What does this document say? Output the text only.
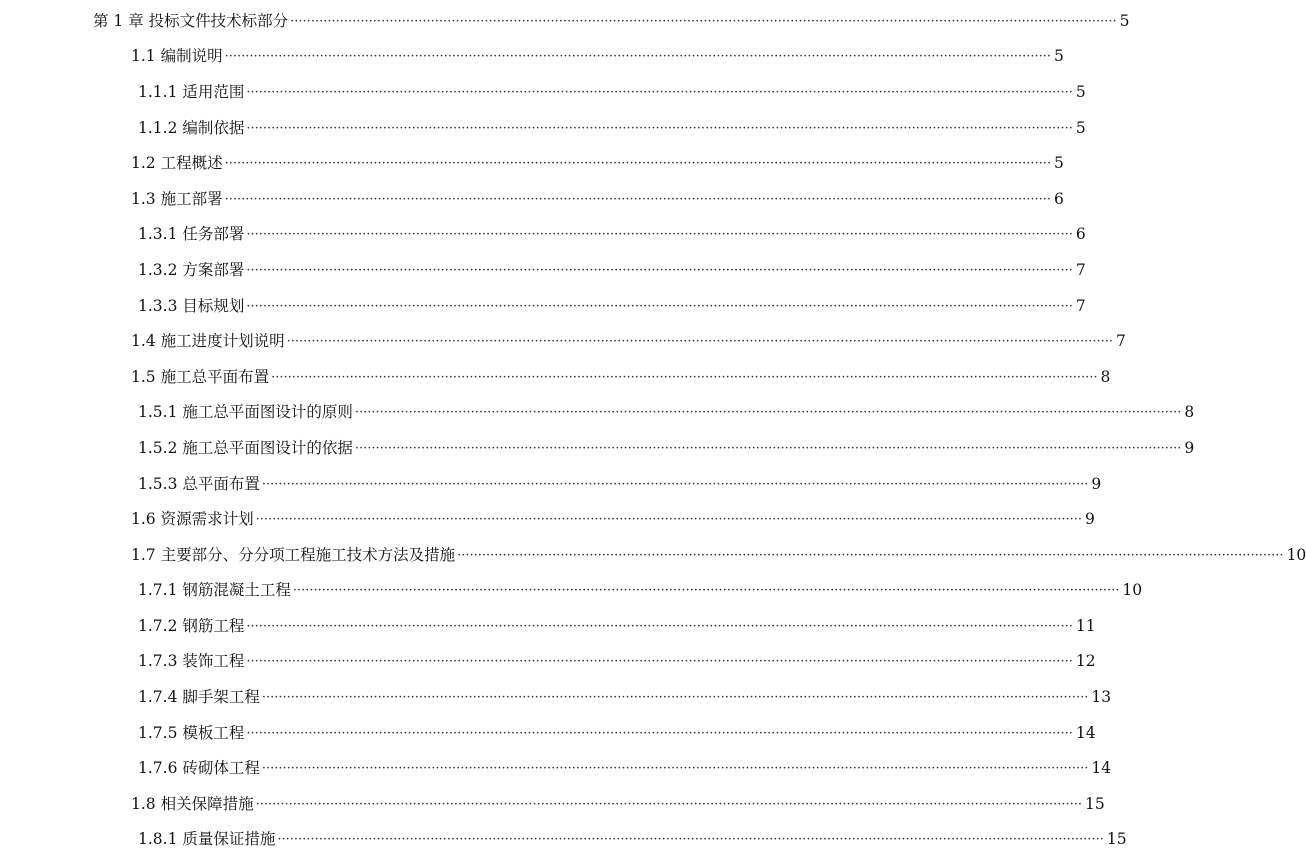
第 1 章 投标文件技术标部分 ········································································································································································································ 5
1.1 编制说明 ········································································································································································································ 5
1.1.1 适用范围 ········································································································································································································ 5
1.1.2 编制依据 ········································································································································································································ 5
1.2 工程概述 ········································································································································································································ 5
1.3 施工部署 ········································································································································································································ 6
1.3.1 任务部署 ········································································································································································································ 6
1.3.2 方案部署 ········································································································································································································ 7
1.3.3 目标规划 ········································································································································································································ 7
1.4 施工进度计划说明 ········································································································································································································ 7
1.5 施工总平面布置 ········································································································································································································ 8
1.5.1 施工总平面图设计的原则 ········································································································································································································ 8
1.5.2 施工总平面图设计的依据 ········································································································································································································ 9
1.5.3 总平面布置 ········································································································································································································ 9
1.6 资源需求计划 ········································································································································································································ 9
1.7 主要部分、分分项工程施工技术方法及措施 ········································································································································································································ 10
1.7.1 钢筋混凝土工程 ········································································································································································································ 10
1.7.2 钢筋工程 ········································································································································································································ 11
1.7.3 装饰工程 ········································································································································································································ 12
1.7.4 脚手架工程 ········································································································································································································ 13
1.7.5 模板工程 ········································································································································································································ 14
1.7.6 砖砌体工程 ········································································································································································································ 14
1.8 相关保障措施 ········································································································································································································ 15
1.8.1 质量保证措施 ········································································································································································································ 15
